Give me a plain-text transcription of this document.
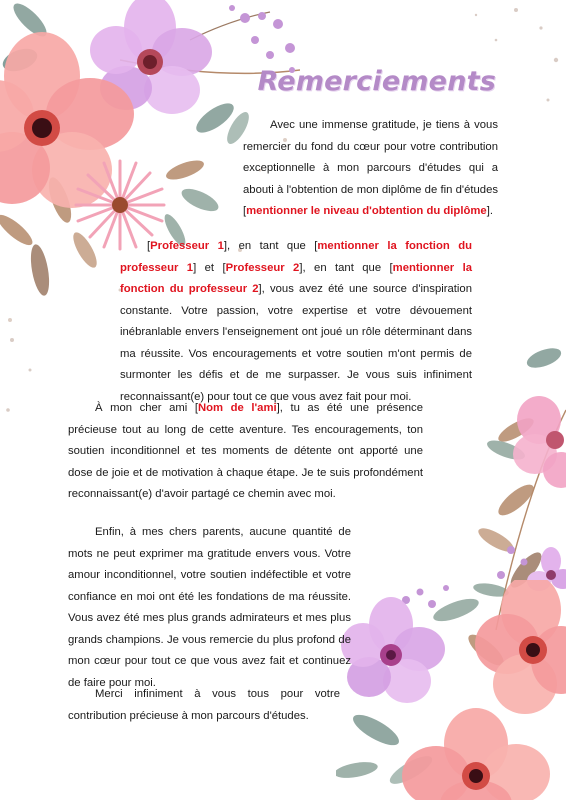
Remerciements

Avec une immense gratitude, je tiens à vous remercier du fond du cœur pour votre contribution exceptionnelle à mon parcours d'études qui a abouti à l'obtention de mon diplôme de fin d'études [mentionner le niveau d'obtention du diplôme].

[Professeur 1], en tant que [mentionner la fonction du professeur 1] et [Professeur 2], en tant que [mentionner la fonction du professeur 2], vous avez été une source d'inspiration constante. Votre passion, votre expertise et votre dévouement inébranlable envers l'enseignement ont joué un rôle déterminant dans ma réussite. Vos encouragements et votre soutien m'ont permis de surmonter les défis et de me surpasser. Je vous suis infiniment reconnaissant(e) pour tout ce que vous avez fait pour moi.

À mon cher ami [Nom de l'ami], tu as été une présence précieuse tout au long de cette aventure. Tes encouragements, ton soutien inconditionnel et tes moments de détente ont apporté une dose de joie et de motivation à chaque étape. Je te suis profondément reconnaissant(e) d'avoir partagé ce chemin avec moi.

Enfin, à mes chers parents, aucune quantité de mots ne peut exprimer ma gratitude envers vous. Votre amour inconditionnel, votre soutien indéfectible et votre confiance en moi ont été les fondations de ma réussite. Vous avez été mes plus grands admirateurs et mes plus grands champions. Je vous remercie du plus profond de mon cœur pour tout ce que vous avez fait et continuez de faire pour moi.

Merci infiniment à vous tous pour votre contribution précieuse à mon parcours d'études.
